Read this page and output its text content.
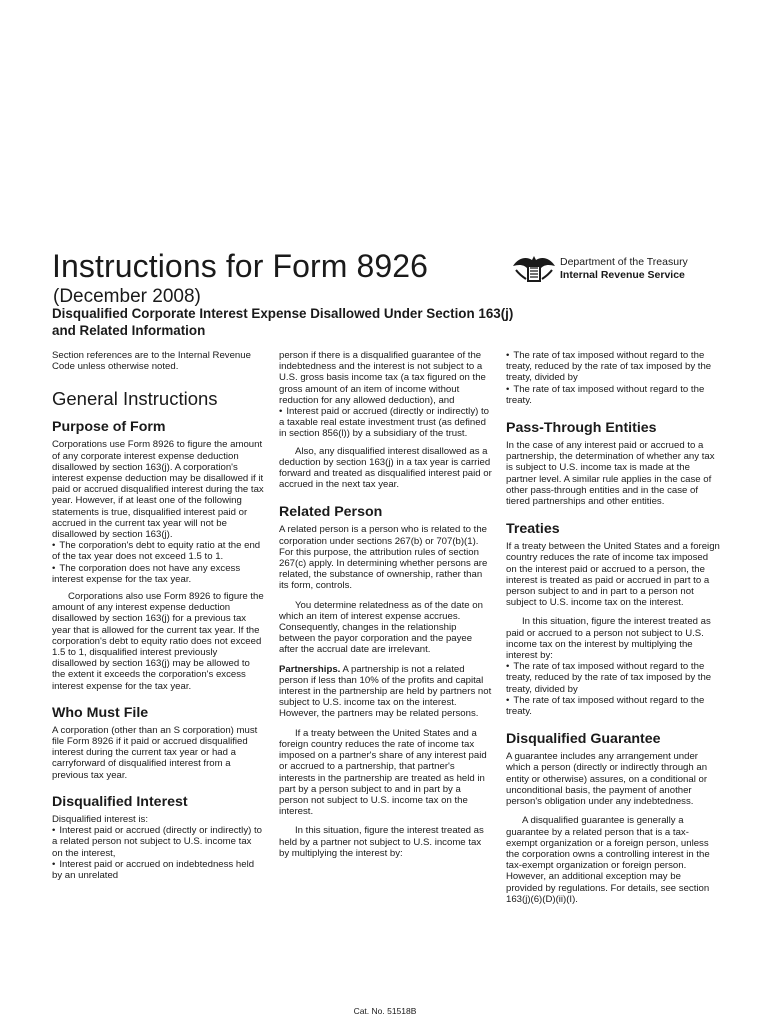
Instructions for Form 8926
(December 2008)
Disqualified Corporate Interest Expense Disallowed Under Section 163(j)
and Related Information
Department of the Treasury
Internal Revenue Service

Section references are to the Internal Revenue Code unless otherwise noted.

General Instructions
Purpose of Form

Corporations use Form 8926 to figure the amount of any corporate interest expense deduction disallowed by section 163(j). A corporation's interest expense deduction may be disallowed if it paid or accrued disqualified interest during the tax year. However, if at least one of the following statements is true, disqualified interest paid or accrued in the current tax year will not be disallowed by section 163(j).

• The corporation's debt to equity ratio at the end of the tax year does not exceed 1.5 to 1.
• The corporation does not have any excess interest expense for the tax year.

Corporations also use Form 8926 to figure the amount of any interest expense deduction disallowed by section 163(j) for a previous tax year that is allowed for the current tax year. If the corporation's debt to equity ratio does not exceed 1.5 to 1, disqualified interest previously disallowed by section 163(j) may be allowed to the extent it exceeds the corporation's excess interest expense for the tax year.

Who Must File

A corporation (other than an S corporation) must file Form 8926 if it paid or accrued disqualified interest during the current tax year or had a carryforward of disqualified interest from a previous tax year.

Disqualified Interest

Disqualified interest is:

• Interest paid or accrued (directly or indirectly) to a related person not subject to U.S. income tax on the interest,
• Interest paid or accrued on indebtedness held by an unrelated

person if there is a disqualified guarantee of the indebtedness and the interest is not subject to a U.S. gross basis income tax (a tax figured on the gross amount of an item of income without reduction for any allowed deduction), and

• Interest paid or accrued (directly or indirectly) to a taxable real estate investment trust (as defined in section 856(l)) by a subsidiary of the trust.

Also, any disqualified interest disallowed as a deduction by section 163(j) in a tax year is carried forward and treated as disqualified interest paid or accrued in the next tax year.

Related Person

A related person is a person who is related to the corporation under sections 267(b) or 707(b)(1). For this purpose, the attribution rules of section 267(c) apply. In determining whether persons are related, the substance of ownership, rather than its form, controls.

You determine relatedness as of the date on which an item of interest expense accrues. Consequently, changes in the relationship between the payor corporation and the payee after the accrual date are irrelevant.

Partnerships. A partnership is not a related person if less than 10% of the profits and capital interest in the partnership are held by partners not subject to U.S. income tax on the interest. However, the partners may be related persons.

If a treaty between the United States and a foreign country reduces the rate of income tax imposed on a partner's share of any interest paid or accrued to a partnership, that partner's interests in the partnership are treated as held in part by a person subject to and in part by a person not subject to U.S. income tax on the interest.

In this situation, figure the interest treated as held by a partner not subject to U.S. income tax by multiplying the interest by:

• The rate of tax imposed without regard to the treaty, reduced by the rate of tax imposed by the treaty, divided by
• The rate of tax imposed without regard to the treaty.
Pass-Through Entities

In the case of any interest paid or accrued to a partnership, the determination of whether any tax is subject to U.S. income tax is made at the partner level. A similar rule applies in the case of other pass-through entities and in the case of tiered partnerships and other entities.

Treaties

If a treaty between the United States and a foreign country reduces the rate of income tax imposed on the interest paid or accrued to a person, the interest is treated as paid or accrued in part to a person subject to and in part to a person not subject to U.S. income tax on the interest.

In this situation, figure the interest treated as paid or accrued to a person not subject to U.S. income tax on the interest by multiplying the interest by:

• The rate of tax imposed without regard to the treaty, reduced by the rate of tax imposed by the treaty, divided by
• The rate of tax imposed without regard to the treaty.
Disqualified Guarantee

A guarantee includes any arrangement under which a person (directly or indirectly through an entity or otherwise) assures, on a conditional or unconditional basis, the payment of another person's obligation under any indebtedness.

A disqualified guarantee is generally a guarantee by a related person that is a tax-exempt organization or a foreign person, unless the corporation owns a controlling interest in the tax-exempt organization or foreign person. However, an additional exception may be provided by regulations. For details, see section 163(j)(6)(D)(ii)(I).

Cat. No. 51518B
